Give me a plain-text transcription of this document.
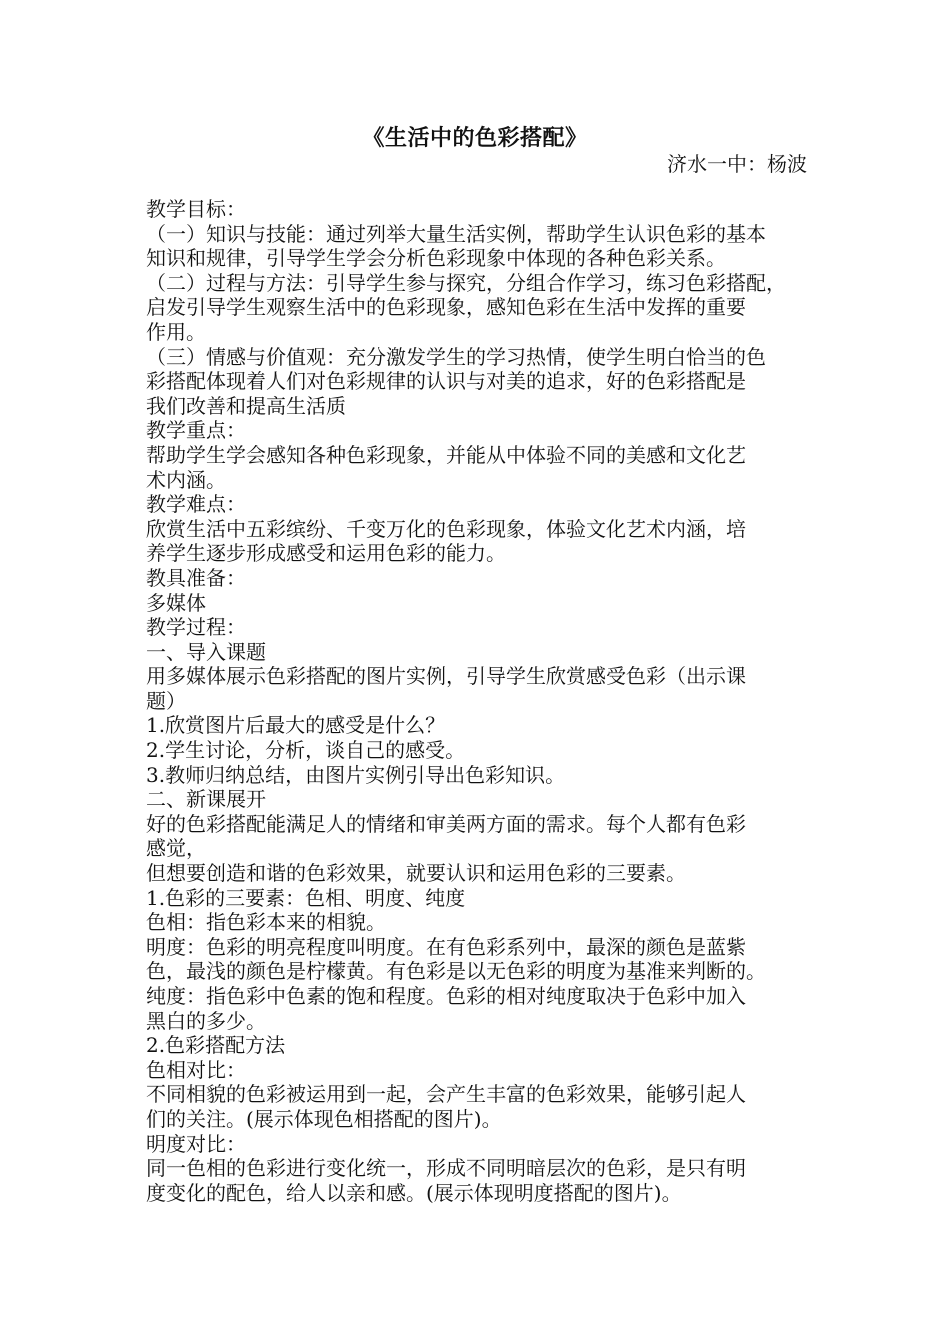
《生活中的色彩搭配》
济水一中：杨波
教学目标：
（一）知识与技能：通过列举大量生活实例，帮助学生认识色彩的基本
知识和规律，引导学生学会分析色彩现象中体现的各种色彩关系。
（二）过程与方法：引导学生参与探究，分组合作学习，练习色彩搭配，
启发引导学生观察生活中的色彩现象，感知色彩在生活中发挥的重要
作用。
（三）情感与价值观：充分激发学生的学习热情，使学生明白恰当的色
彩搭配体现着人们对色彩规律的认识与对美的追求，好的色彩搭配是
我们改善和提高生活质
教学重点：
帮助学生学会感知各种色彩现象，并能从中体验不同的美感和文化艺
术内涵。
教学难点：
欣赏生活中五彩缤纷、千变万化的色彩现象，体验文化艺术内涵，培
养学生逐步形成感受和运用色彩的能力。
教具准备：
多媒体
教学过程：
一、导入课题
用多媒体展示色彩搭配的图片实例，引导学生欣赏感受色彩（出示课
题）
1.欣赏图片后最大的感受是什么？
2.学生讨论，分析，谈自己的感受。
3.教师归纳总结，由图片实例引导出色彩知识。
二、新课展开
好的色彩搭配能满足人的情绪和审美两方面的需求。每个人都有色彩
感觉，
但想要创造和谐的色彩效果，就要认识和运用色彩的三要素。
1.色彩的三要素：色相、明度、纯度
色相：指色彩本来的相貌。
明度：色彩的明亮程度叫明度。在有色彩系列中，最深的颜色是蓝紫
色，最浅的颜色是柠檬黄。有色彩是以无色彩的明度为基准来判断的。
纯度：指色彩中色素的饱和程度。色彩的相对纯度取决于色彩中加入
黑白的多少。
2.色彩搭配方法
色相对比：
不同相貌的色彩被运用到一起，会产生丰富的色彩效果，能够引起人
们的关注。(展示体现色相搭配的图片)。
明度对比：
同一色相的色彩进行变化统一，形成不同明暗层次的色彩，是只有明
度变化的配色，给人以亲和感。(展示体现明度搭配的图片)。
